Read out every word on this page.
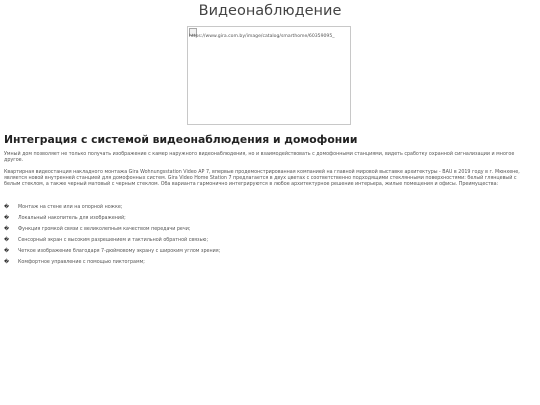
Видеонаблюдение
https://www.gira.com.by/image/catalog/smarthome/60359095_
Интеграция с системой видеонаблюдения и домофонии
Умный дом позволяет не только получать изображение с камер наружного видеонаблюдения, но и взаимодействовать с домофонными станциями, видеть сработку охранной сигнализации и многое другое.
Квартирная видеостанция накладного монтажа Gira Wohnungsstation Video AP 7, впервые продемонстрированная компанией на главной мировой выставке архитектуры - BAU в 2019 году в г. Мюнхене, является новой внутренней станцией для домофонных систем. Gira Video Home Station 7 предлагается в двух цветах с соответственно подходящими стеклянными поверхностями: белый глянцевый с белым стеклом, а также черный матовый с черным стеклом. Оба варианта гармонично интегрируются в любое архитектурное решение интерьера, жилые помещения и офисы. Преимущества:
� Монтаж на стене или на опорной ножке;
� Локальный накопитель для изображений;
� Функция громкой связи с великолепным качеством передачи речи;
� Сенсорный экран с высоким разрешением и тактильной обратной связью;
� Четкое изображение благодаря 7-дюймовому экрану с широким углом зрения;
� Комфортное управление с помощью пиктограмм;
